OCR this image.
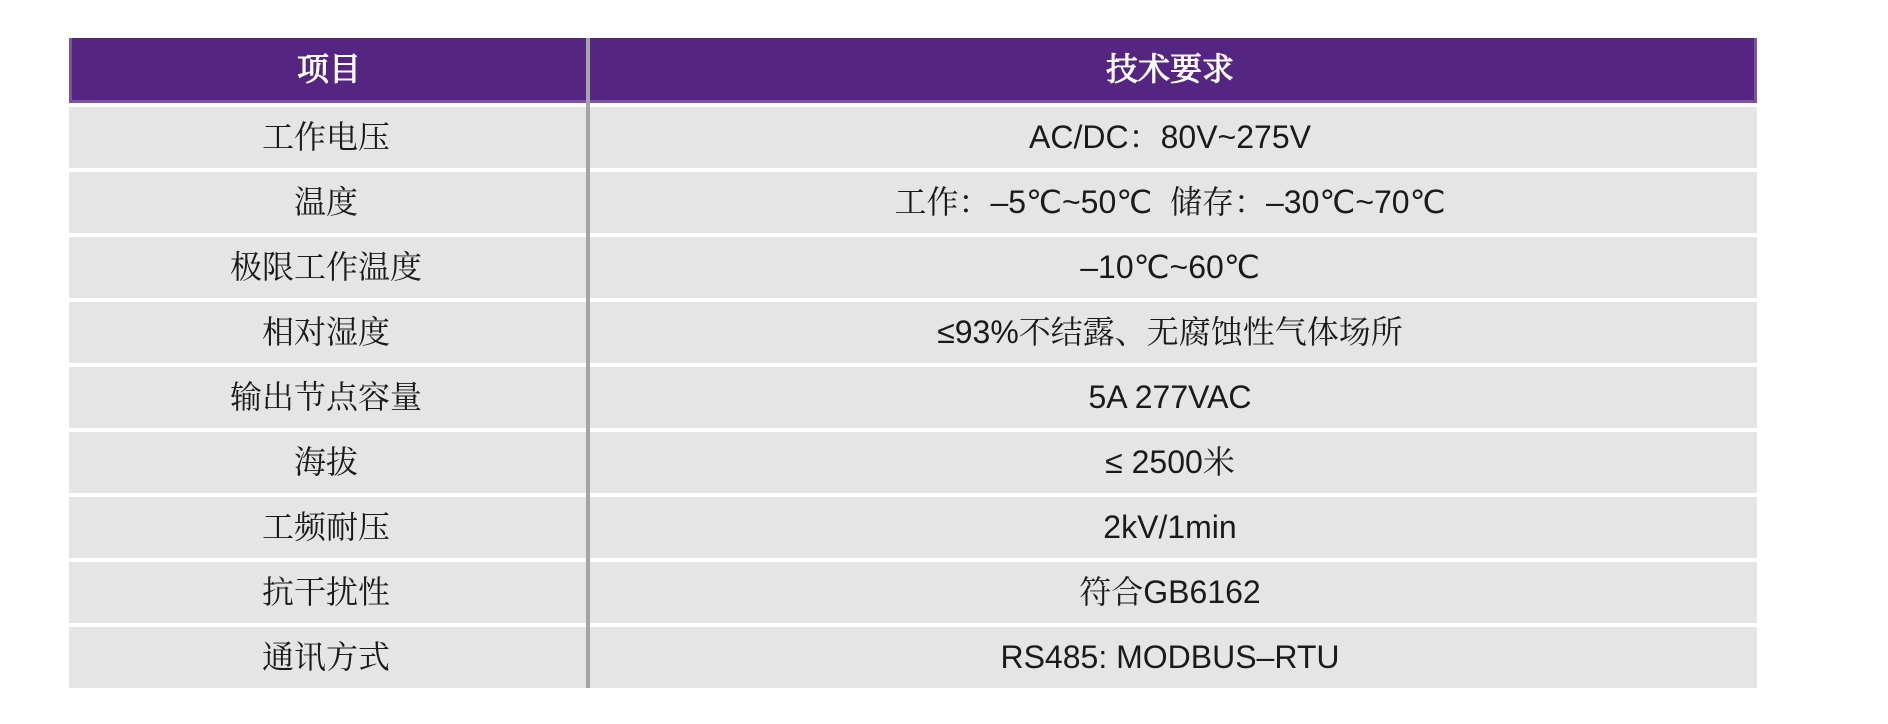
项目	技术要求
工作电压	AC/DC：80V~275V
温度	工作：–5℃~50℃  储存：–30℃~70℃
极限工作温度	–10℃~60℃
相对湿度	≤93%不结露、无腐蚀性气体场所
输出节点容量	5A 277VAC
海拔	≤ 2500米
工频耐压	2kV/1min
抗干扰性	符合GB6162
通讯方式	RS485: MODBUS–RTU
